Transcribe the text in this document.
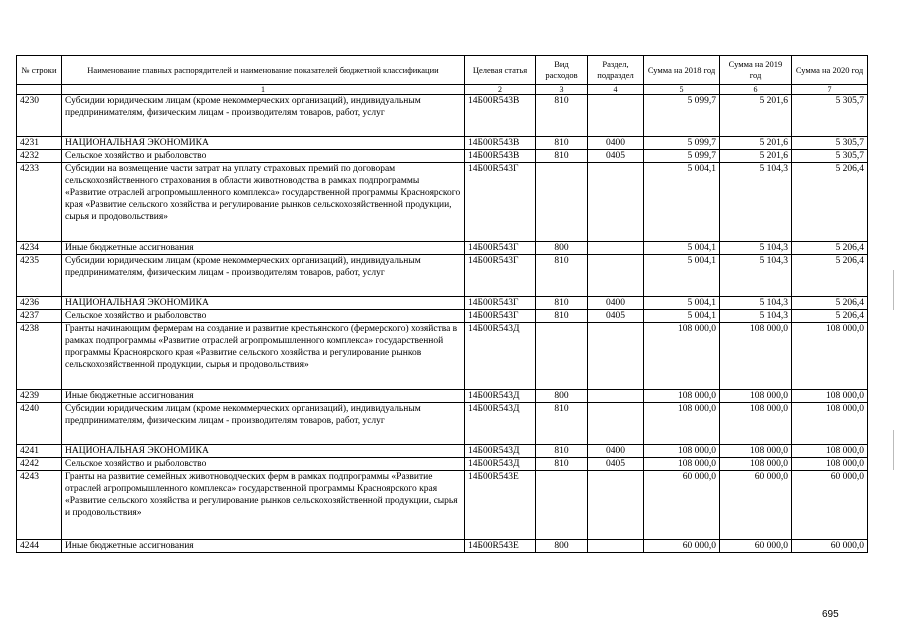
№ строки	Наименование главных распорядителей и наименование показателей бюджетной классификации	Целевая статья	Вид расходов	Раздел, подраздел	Сумма на 2018 год	Сумма на 2019 год	Сумма на 2020 год
	1	2	3	4	5	6	7
4230	Субсидии юридическим лицам (кроме некоммерческих организаций), индивидуальным предпринимателям, физическим лицам - производителям товаров, работ, услуг	14Б00R543В	810		5 099,7	5 201,6	5 305,7
4231	НАЦИОНАЛЬНАЯ ЭКОНОМИКА	14Б00R543В	810	0400	5 099,7	5 201,6	5 305,7
4232	Сельское хозяйство и рыболовство	14Б00R543В	810	0405	5 099,7	5 201,6	5 305,7
4233	Субсидии на возмещение части затрат на уплату страховых премий по договорам сельскохозяйственного страхования в области животноводства в рамках подпрограммы «Развитие отраслей агропромышленного комплекса» государственной программы Красноярского края «Развитие сельского хозяйства и регулирование рынков сельскохозяйственной продукции, сырья и продовольствия»	14Б00R543Г			5 004,1	5 104,3	5 206,4
4234	Иные бюджетные ассигнования	14Б00R543Г	800		5 004,1	5 104,3	5 206,4
4235	Субсидии юридическим лицам (кроме некоммерческих организаций), индивидуальным предпринимателям, физическим лицам - производителям товаров, работ, услуг	14Б00R543Г	810		5 004,1	5 104,3	5 206,4
4236	НАЦИОНАЛЬНАЯ ЭКОНОМИКА	14Б00R543Г	810	0400	5 004,1	5 104,3	5 206,4
4237	Сельское хозяйство и рыболовство	14Б00R543Г	810	0405	5 004,1	5 104,3	5 206,4
4238	Гранты начинающим фермерам на создание и развитие крестьянского (фермерского) хозяйства в рамках подпрограммы «Развитие отраслей агропромышленного комплекса» государственной программы Красноярского края «Развитие сельского хозяйства и регулирование рынков сельскохозяйственной продукции, сырья и продовольствия»	14Б00R543Д			108 000,0	108 000,0	108 000,0
4239	Иные бюджетные ассигнования	14Б00R543Д	800		108 000,0	108 000,0	108 000,0
4240	Субсидии юридическим лицам (кроме некоммерческих организаций), индивидуальным предпринимателям, физическим лицам - производителям товаров, работ, услуг	14Б00R543Д	810		108 000,0	108 000,0	108 000,0
4241	НАЦИОНАЛЬНАЯ ЭКОНОМИКА	14Б00R543Д	810	0400	108 000,0	108 000,0	108 000,0
4242	Сельское хозяйство и рыболовство	14Б00R543Д	810	0405	108 000,0	108 000,0	108 000,0
4243	Гранты на развитие семейных животноводческих ферм в рамках подпрограммы «Развитие отраслей агропромышленного комплекса» государственной программы Красноярского края «Развитие сельского хозяйства и регулирование рынков сельскохозяйственной продукции, сырья и продовольствия»	14Б00R543Е			60 000,0	60 000,0	60 000,0
4244	Иные бюджетные ассигнования	14Б00R543Е	800		60 000,0	60 000,0	60 000,0
695
